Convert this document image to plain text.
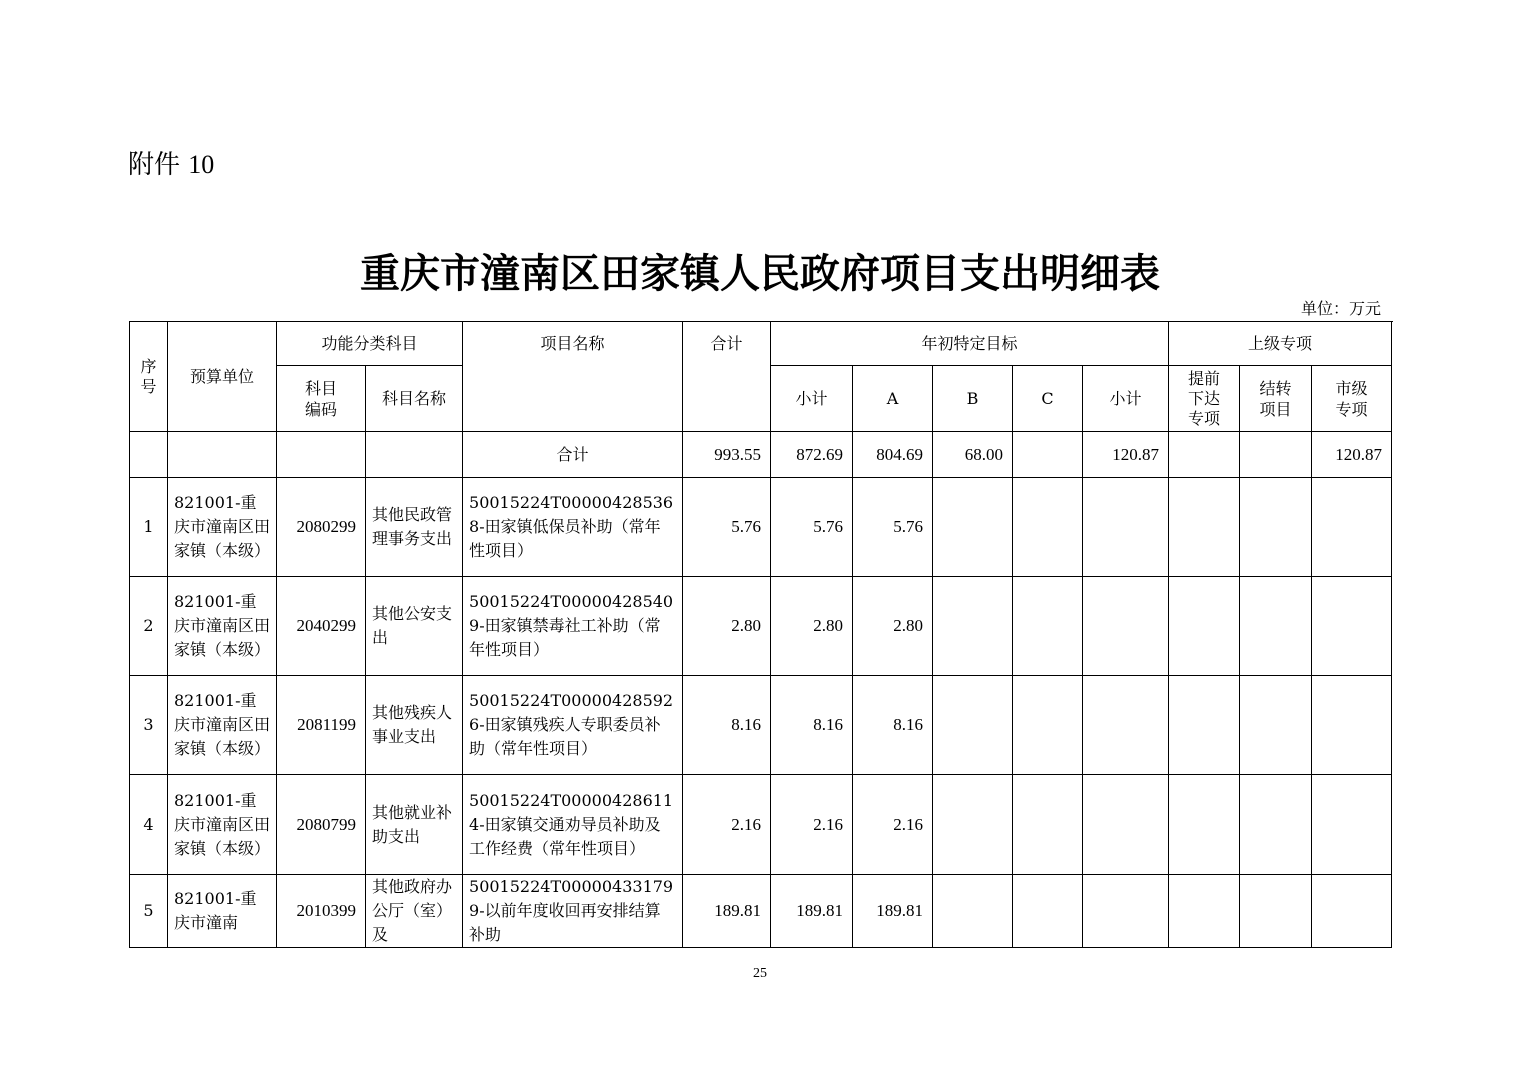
附件 10
重庆市潼南区田家镇人民政府项目支出明细表
单位：万元
序号	预算单位	功能分类科目		项目名称	合计	年初特定目标					上级专项		

		科目编码	科目名称			小计	A	B	C	小计	提前下达专项	结转项目	市级专项

				合计	993.55	872.69	804.69	68.00		120.87			120.87
1	821001-重庆市潼南区田家镇（本级）	2080299	其他民政管理事务支出	50015224T000004285368-田家镇低保员补助（常年性项目）	5.76	5.76	5.76						
2	821001-重庆市潼南区田家镇（本级）	2040299	其他公安支出	50015224T000004285409-田家镇禁毒社工补助（常年性项目）	2.80	2.80	2.80						
3	821001-重庆市潼南区田家镇（本级）	2081199	其他残疾人事业支出	50015224T000004285926-田家镇残疾人专职委员补助（常年性项目）	8.16	8.16	8.16						
4	821001-重庆市潼南区田家镇（本级）	2080799	其他就业补助支出	50015224T000004286114-田家镇交通劝导员补助及工作经费（常年性项目）	2.16	2.16	2.16						
5	821001-重庆市潼南	2010399	其他政府办公厅（室）及	50015224T000004331799-以前年度收回再安排结算补助	189.81	189.81	189.81						
25
